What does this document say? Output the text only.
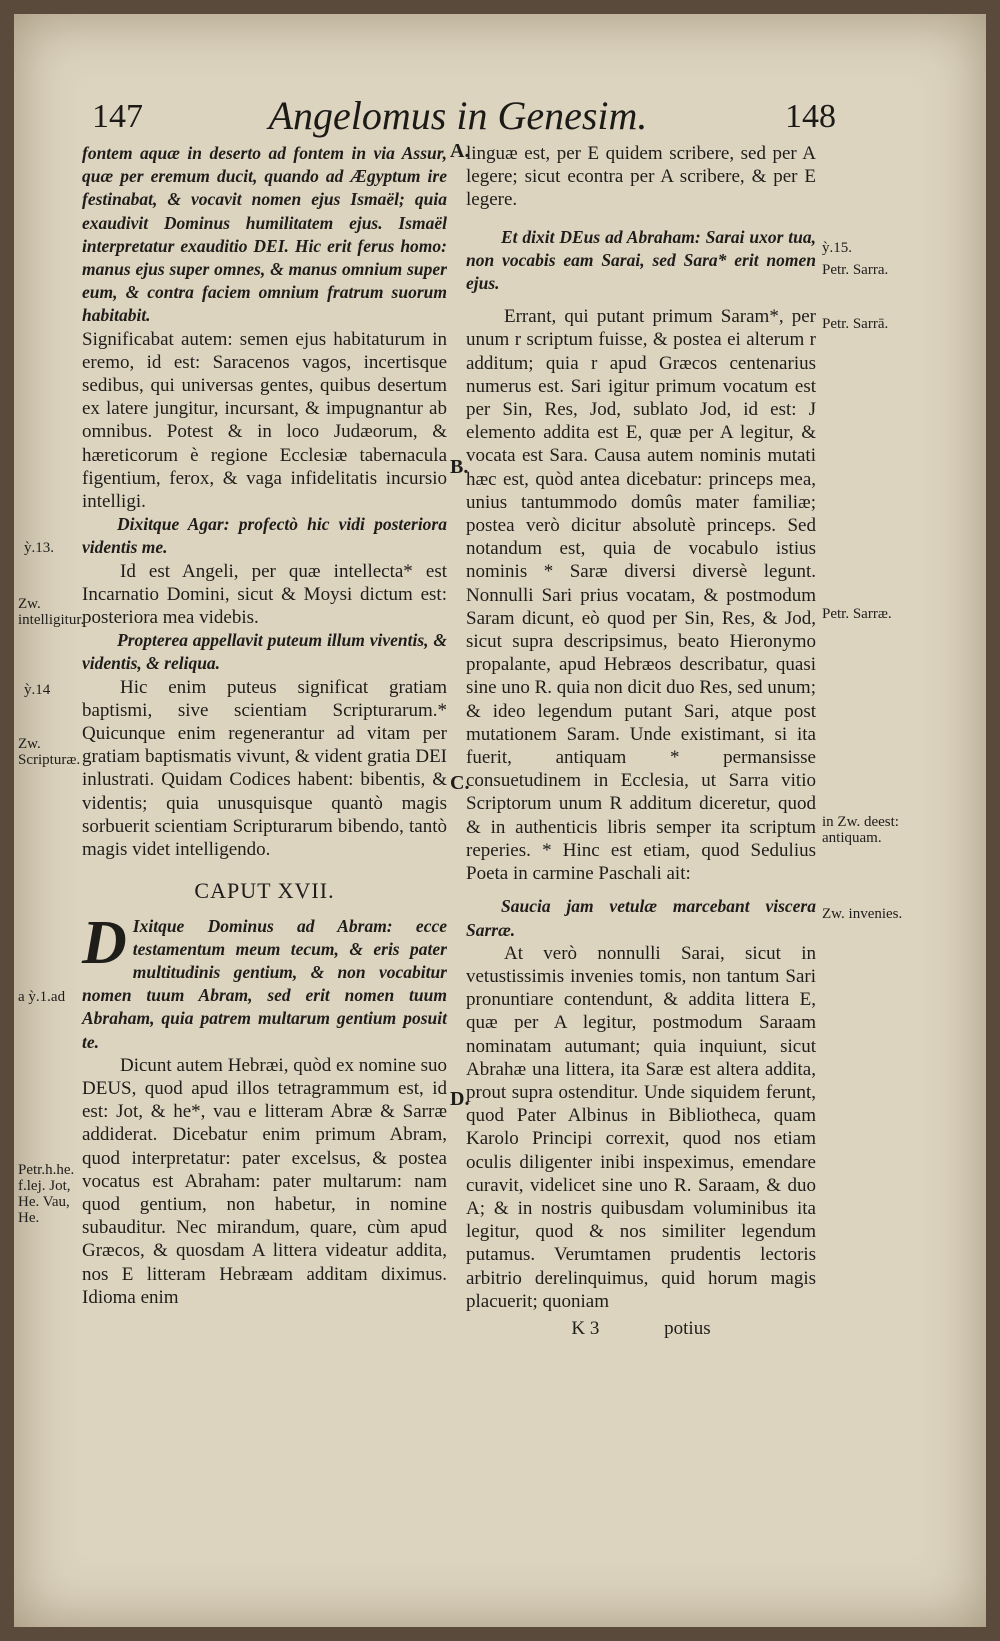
147	Angelomus in Genesim.	148

fontem aquæ in deserto ad fontem in via Assur, quæ per eremum ducit, quando ad Ægyptum ire festinabat, & vocavit nomen ejus Ismaël; quia exaudivit Dominus humilitatem ejus. Ismaël interpretatur exauditio DEI. Hic erit ferus homo: manus ejus super omnes, & manus omnium super eum, & contra faciem omnium fratrum suorum habitabit.

Significabat autem: semen ejus habitaturum in eremo, id est: Saracenos vagos, incertisque sedibus, qui universas gentes, quibus desertum ex latere jungitur, incursant, & impugnantur ab omnibus. Potest & in loco Judæorum, & hæreticorum è regione Ecclesiæ tabernacula figentium, ferox, & vaga infidelitatis incursio intelligi.

Dixitque Agar: profectò hic vidi posteriora videntis me.

Id est Angeli, per quæ intellecta* est Incarnatio Domini, sicut & Moysi dictum est: posteriora mea videbis.

Propterea appellavit puteum illum viventis, & videntis, & reliqua.

Hic enim puteus significat gratiam baptismi, sive scientiam Scripturarum.* Quicunque enim regenerantur ad vitam per gratiam baptismatis vivunt, & vident gratia DEI inlustrati. Quidam Codices habent: bibentis, & videntis; quia unusquisque quantò magis sorbuerit scientiam Scripturarum bibendo, tantò magis videt intelligendo.

CAPUT XVII.

D Ixitque Dominus ad Abram: ecce testamentum meum tecum, & eris pater multitudinis gentium, & non vocabitur nomen tuum Abram, sed erit nomen tuum Abraham, quia patrem multarum gentium posuit te.

Dicunt autem Hebræi, quòd ex nomine suo DEUS, quod apud illos tetragrammum est, id est: Jot, & he*, vau e litteram Abræ & Sarræ addiderat. Dicebatur enim primum Abram, quod interpretatur: pater excelsus, & postea vocatus est Abraham: pater multarum: nam quod gentium, non habetur, in nomine subauditur. Nec mirandum, quare, cùm apud Græcos, & quosdam A littera videatur addita, nos E litteram Hebræam additam diximus. Idioma enim

linguæ est, per E quidem scribere, sed per A legere; sicut econtra per A scribere, & per E legere.

Et dixit DEus ad Abraham: Sarai uxor tua, non vocabis eam Sarai, sed Sara* erit nomen ejus.

Errant, qui putant primum Saram*, per unum r scriptum fuisse, & postea ei alterum r additum; quia r apud Græcos centenarius numerus est. Sari igitur primum vocatum est per Sin, Res, Jod, sublato Jod, id est: J elemento addita est E, quæ per A legitur, & vocata est Sara. Causa autem nominis mutati hæc est, quòd antea dicebatur: princeps mea, unius tantummodo domûs mater familiæ; postea verò dicitur absolutè princeps. Sed notandum est, quia de vocabulo istius nominis * Saræ diversi diversè legunt. Nonnulli Sari prius vocatam, & postmodum Saram dicunt, eò quod per Sin, Res, & Jod, sicut supra descripsimus, beato Hieronymo propalante, apud Hebræos describatur, quasi sine uno R. quia non dicit duo Res, sed unum; & ideo legendum putant Sari, atque post mutationem Saram. Unde existimant, si ita fuerit, antiquam * permansisse consuetudinem in Ecclesia, ut Sarra vitio Scriptorum unum R additum diceretur, quod & in authenticis libris semper ita scriptum reperies. * Hinc est etiam, quod Sedulius Poeta in carmine Paschali ait:

Saucia jam vetulæ marcebant viscera Sarræ.

At verò nonnulli Sarai, sicut in vetustissimis invenies tomis, non tantum Sari pronuntiare contendunt, & addita littera E, quæ per A legitur, postmodum Saraam nominatam autumant; quia inquiunt, sicut Abrahæ una littera, ita Saræ est altera addita, prout supra ostenditur. Unde siquidem ferunt, quod Pater Albinus in Bibliotheca, quam Karolo Principi correxit, quod nos etiam oculis diligenter inibi inspeximus, emendare curavit, videlicet sine uno R. Saraam, & duo A; & in nostris quibusdam voluminibus ita legitur, quod & nos similiter legendum putamus. Verumtamen prudentis lectoris arbitrio derelinquimus, quid horum magis placuerit; quoniam

K 3	potius
A.
B.
C.
D.
ỳ.13.
Zw. intelligitur.
ỳ.14
Zw. Scripturæ.
a ỳ.1.ad
Petr.h.he. f.lej. Jot, He. Vau, He.
ỳ.15.
Petr. Sarra.
Petr. Sarrā.
Petr. Sarræ.
in Zw. deest: antiquam.
Zw. invenies.
